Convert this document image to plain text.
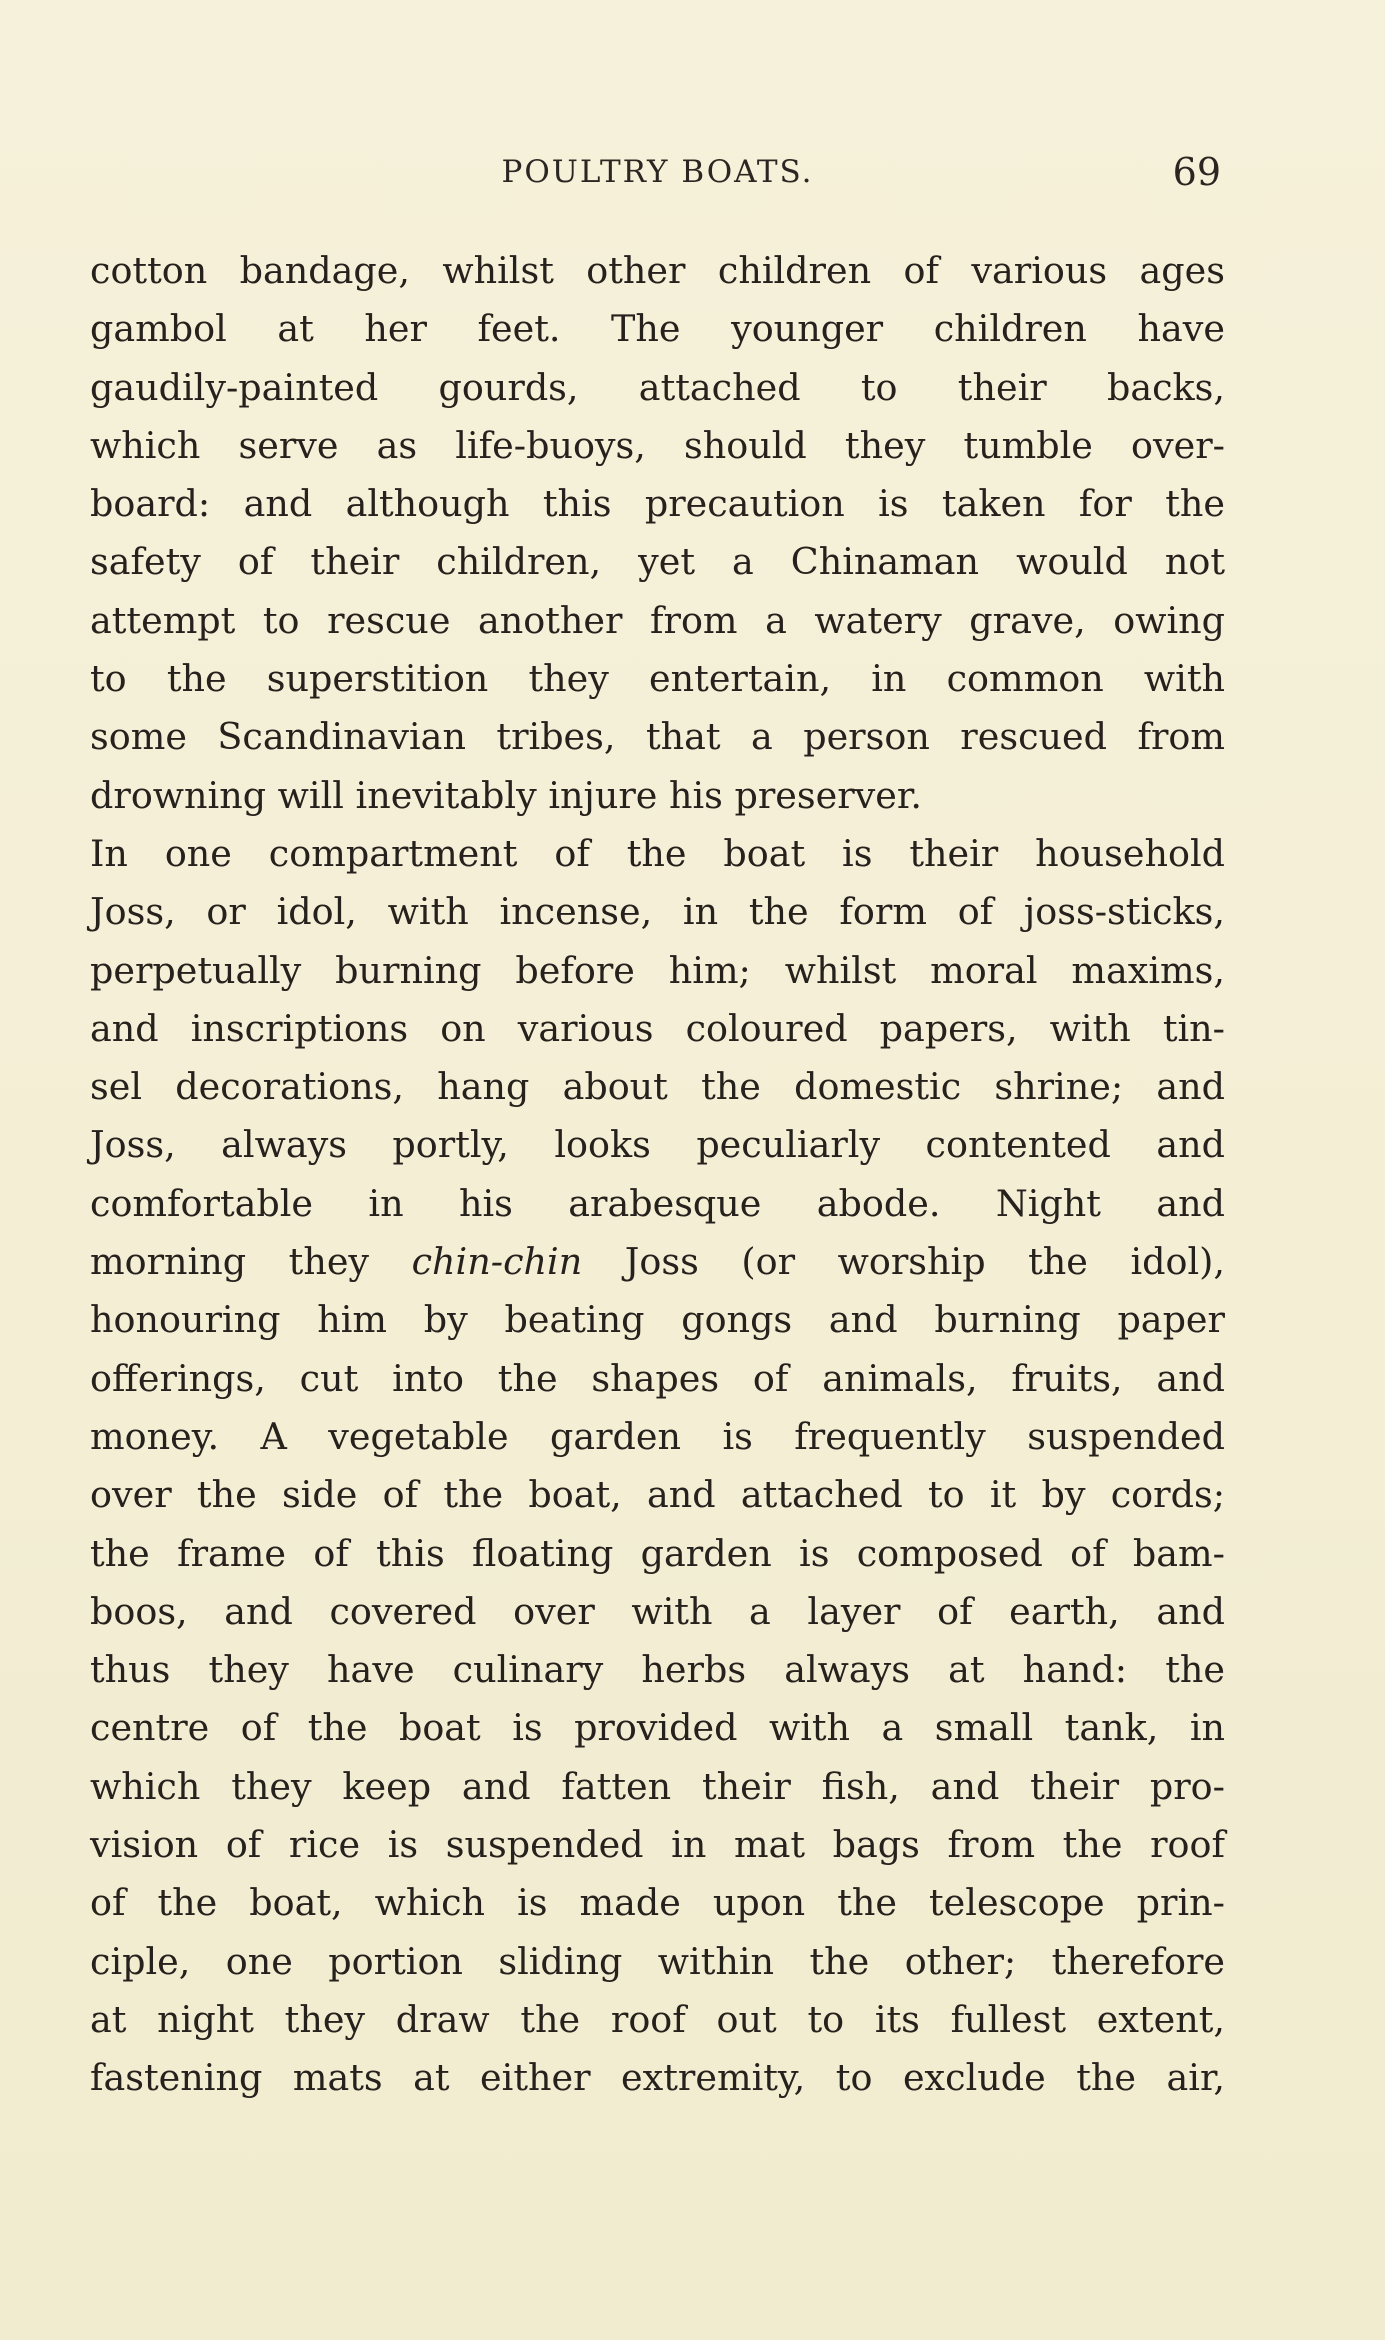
POULTRY BOATS.	69
cotton bandage, whilst other children of various ages
gambol at her feet. The younger children have
gaudily-painted gourds, attached to their backs,
which serve as life-buoys, should they tumble over-
board: and although this precaution is taken for the
safety of their children, yet a Chinaman would not
attempt to rescue another from a watery grave, owing
to the superstition they entertain, in common with
some Scandinavian tribes, that a person rescued from
drowning will inevitably injure his preserver.
In one compartment of the boat is their household
Joss, or idol, with incense, in the form of joss-sticks,
perpetually burning before him; whilst moral maxims,
and inscriptions on various coloured papers, with tin-
sel decorations, hang about the domestic shrine; and
Joss, always portly, looks peculiarly contented and
comfortable in his arabesque abode. Night and
morning they chin-chin Joss (or worship the idol),
honouring him by beating gongs and burning paper
offerings, cut into the shapes of animals, fruits, and
money. A vegetable garden is frequently suspended
over the side of the boat, and attached to it by cords;
the frame of this floating garden is composed of bam-
boos, and covered over with a layer of earth, and
thus they have culinary herbs always at hand: the
centre of the boat is provided with a small tank, in
which they keep and fatten their fish, and their pro-
vision of rice is suspended in mat bags from the roof
of the boat, which is made upon the telescope prin-
ciple, one portion sliding within the other; therefore
at night they draw the roof out to its fullest extent,
fastening mats at either extremity, to exclude the air,
